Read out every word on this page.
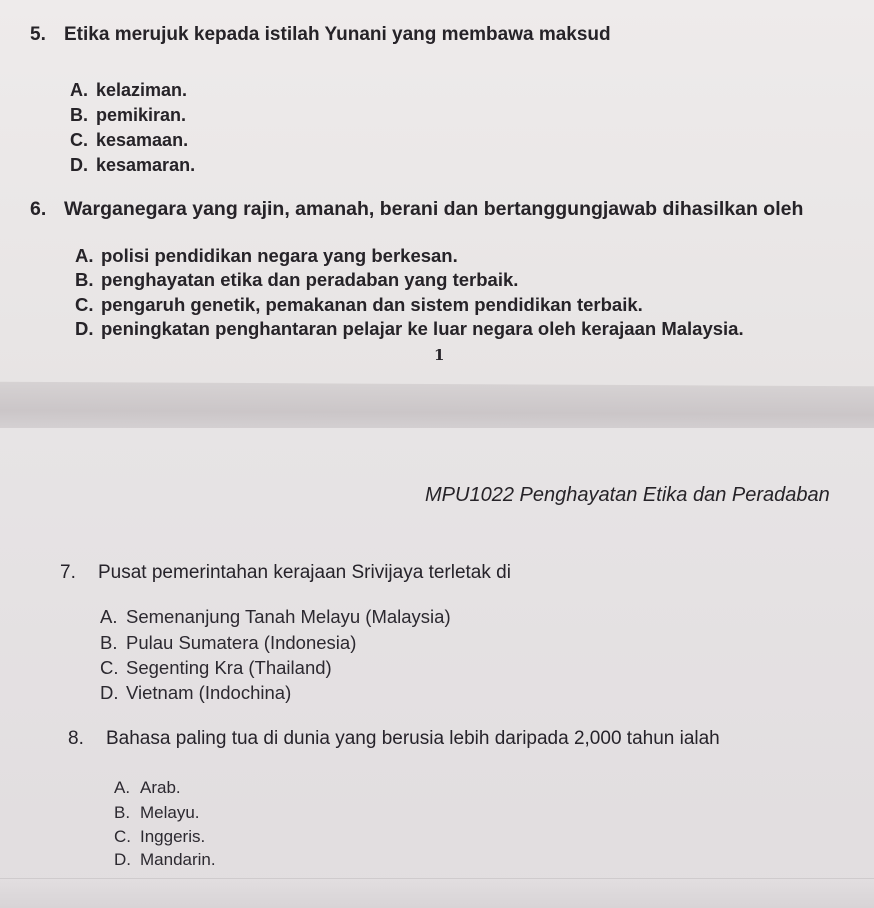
5. Etika merujuk kepada istilah Yunani yang membawa maksud
A. kelaziman.
B. pemikiran.
C. kesamaan.
D. kesamaran.
6. Warganegara yang rajin, amanah, berani dan bertanggungjawab dihasilkan oleh
A. polisi pendidikan negara yang berkesan.
B. penghayatan etika dan peradaban yang terbaik.
C. pengaruh genetik, pemakanan dan sistem pendidikan terbaik.
D. peningkatan penghantaran pelajar ke luar negara oleh kerajaan Malaysia.
1
MPU1022 Penghayatan Etika dan Peradaban
7. Pusat pemerintahan kerajaan Srivijaya terletak di
A. Semenanjung Tanah Melayu (Malaysia)
B. Pulau Sumatera (Indonesia)
C. Segenting Kra (Thailand)
D. Vietnam (Indochina)
8. Bahasa paling tua di dunia yang berusia lebih daripada 2,000 tahun ialah
A. Arab.
B. Melayu.
C. Inggeris.
D. Mandarin.
